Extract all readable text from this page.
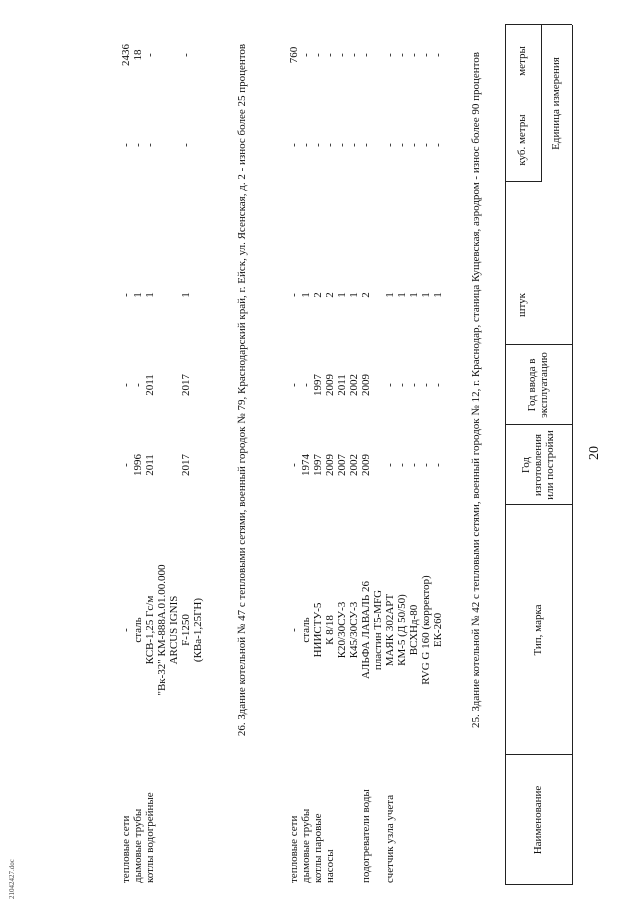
20
21042427.doc
Наименование
Тип, марка
Год изготовления или постройки
Год ввода в эксплуатацию
Единица измерения
штук
куб. метры
метры
25. Здание котельной № 42 с тепловыми сетями, военный городок № 12, г. Краснодар, станица Кущевская, аэродром - износ более 90 процентов
тепловые сети дымовые трубы котлы паровые насосы подогреватели воды счетчик узла учета
- сталь НИИСТУ-5 К 8/18 К20/30СУ-3 К45/30СУ-3 АЛЬФА ЛАВАЛЬ 26 пластин Т5-MFG МАЯК 302АРТ КМ-5 (Д 50/50) ВСХНд-80 RVG G 160 (корректор) ЕК-260
- 1974 1997 2009 2007 2002 2009 - - - - -
- - 1997 2009 2011 2002 2009 - - - - -
- 1 2 2 1 1 2 1 1 1 1 1
- - - - - - - - - - - -
760 - - - - - - - - - - -
26. Здание котельной № 47 с тепловыми сетями, военный городок № 79, Краснодарский край, г. Ейск, ул. Ясенская, д. 2 - износ более 25 процентов
тепловые сети дымовые трубы котлы водогрейные
- сталь КСВ-1,25 Гс/м "Вк-32" КМ-888А.01.00.000 ARCUS IGNIS F-1250 (КВа-1,25ГН)
- 1996 2011 2017
- - 2011 2017
- 1 1 1
- - - -
2436 18 - -
